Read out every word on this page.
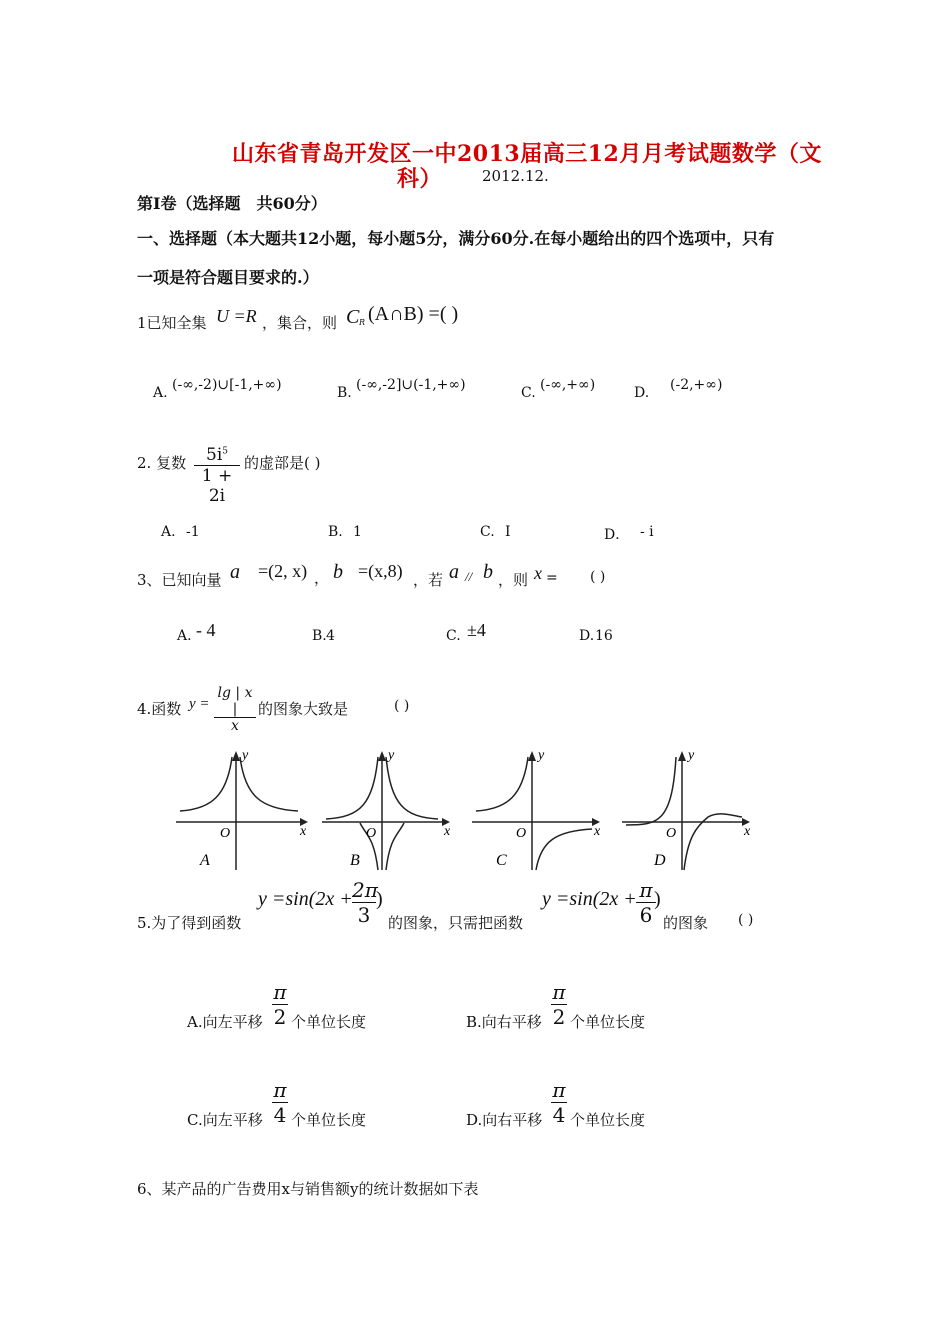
山东省青岛开发区一中2013届高三12月月考试题数学（文
科）	2012.12.
第Ⅰ卷（选择题　共60分）
一、选择题（本大题共12小题，每小题5分，满分60分.在每小题给出的四个选项中，只有
一项是符合题目要求的.）
1已知全集 U =R ，集合，则 C R (A∩B) =( )
A. (-∞,-2)∪[-1,+∞)	B. (-∞,-2]∪(-1,+∞)	C. (-∞,+∞)	D. (-2,+∞)
2. 复数	$5i^5$
1 + 2i
的虚部是( )
A. -1	B. 1	C. I	D． - i
3、已知向量 a =(2, x) ， b =(x,8) ，若 a // b ，则 x = ( )
A. - 4	B. 4	C. ±4	D. 16
4.函数 y =
lg | x |
x
的图象大致是	( )
x
y
O
A
x
y
O
B
x
y
O
C
x
y
O
D
5.为了得到函数
y =sin(2x + 2π
3
)
的图象，只需把函数
y =sin(2x + π
6
)
的图象 ( )
A.向左平移
π
2 个单位长度	B.向右平移
π
2 个单位长度
C.向左平移
π
4 个单位长度	D.向右平移
π
4 个单位长度
6、某产品的广告费用x与销售额y的统计数据如下表
